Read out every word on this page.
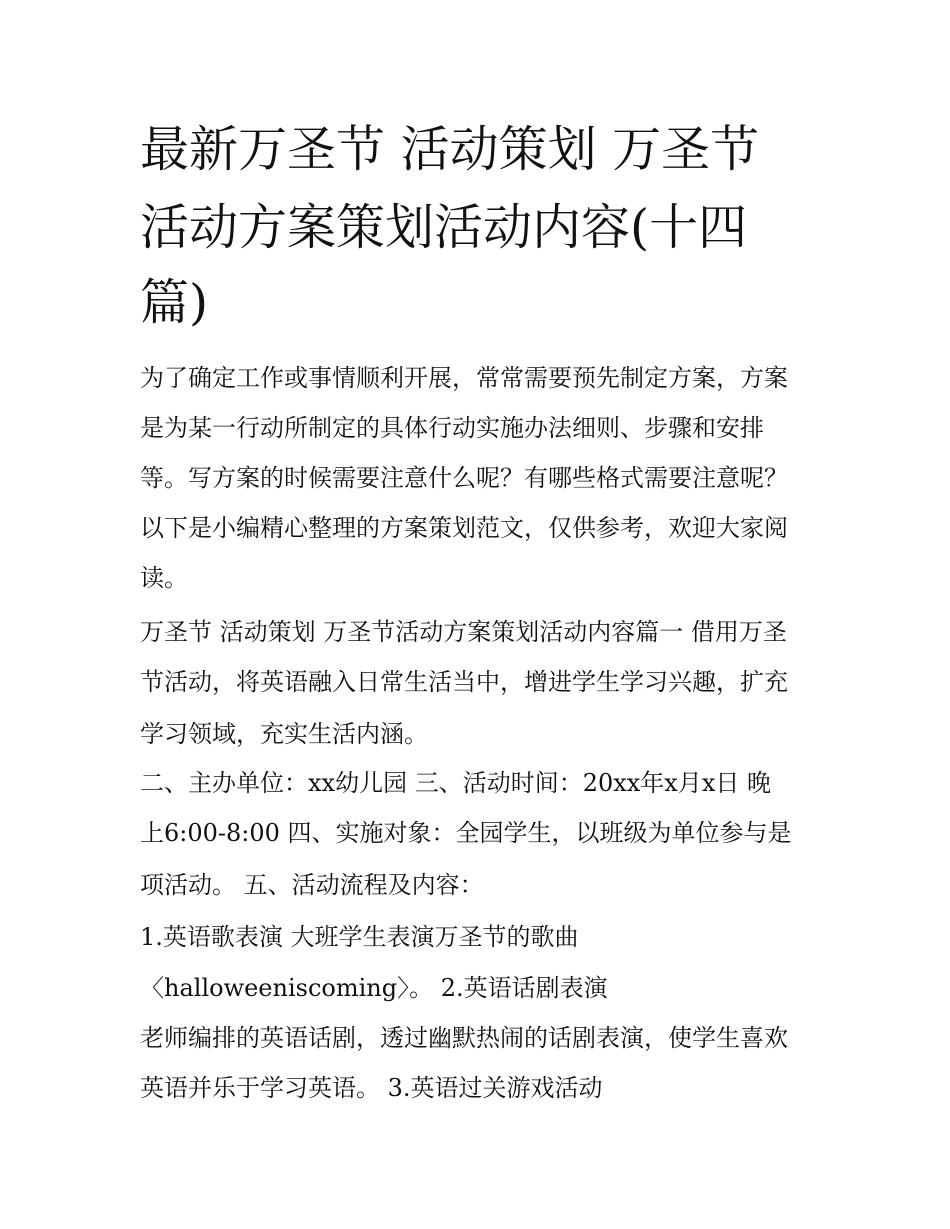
最新万圣节 活动策划 万圣节
活动方案策划活动内容(十四
篇)
为了确定工作或事情顺利开展，常常需要预先制定方案，方案
是为某一行动所制定的具体行动实施办法细则、步骤和安排
等。写方案的时候需要注意什么呢？有哪些格式需要注意呢？
以下是小编精心整理的方案策划范文，仅供参考，欢迎大家阅
读。
万圣节 活动策划 万圣节活动方案策划活动内容篇一 借用万圣
节活动，将英语融入日常生活当中，增进学生学习兴趣，扩充
学习领域，充实生活内涵。
二、主办单位：xx幼儿园 三、活动时间：20xx年x月x日 晚
上6:00-8:00 四、实施对象：全园学生，以班级为单位参与是
项活动。 五、活动流程及内容：
1.英语歌表演 大班学生表演万圣节的歌曲
〈halloweeniscoming〉。 2.英语话剧表演
老师编排的英语话剧，透过幽默热闹的话剧表演，使学生喜欢
英语并乐于学习英语。 3.英语过关游戏活动
